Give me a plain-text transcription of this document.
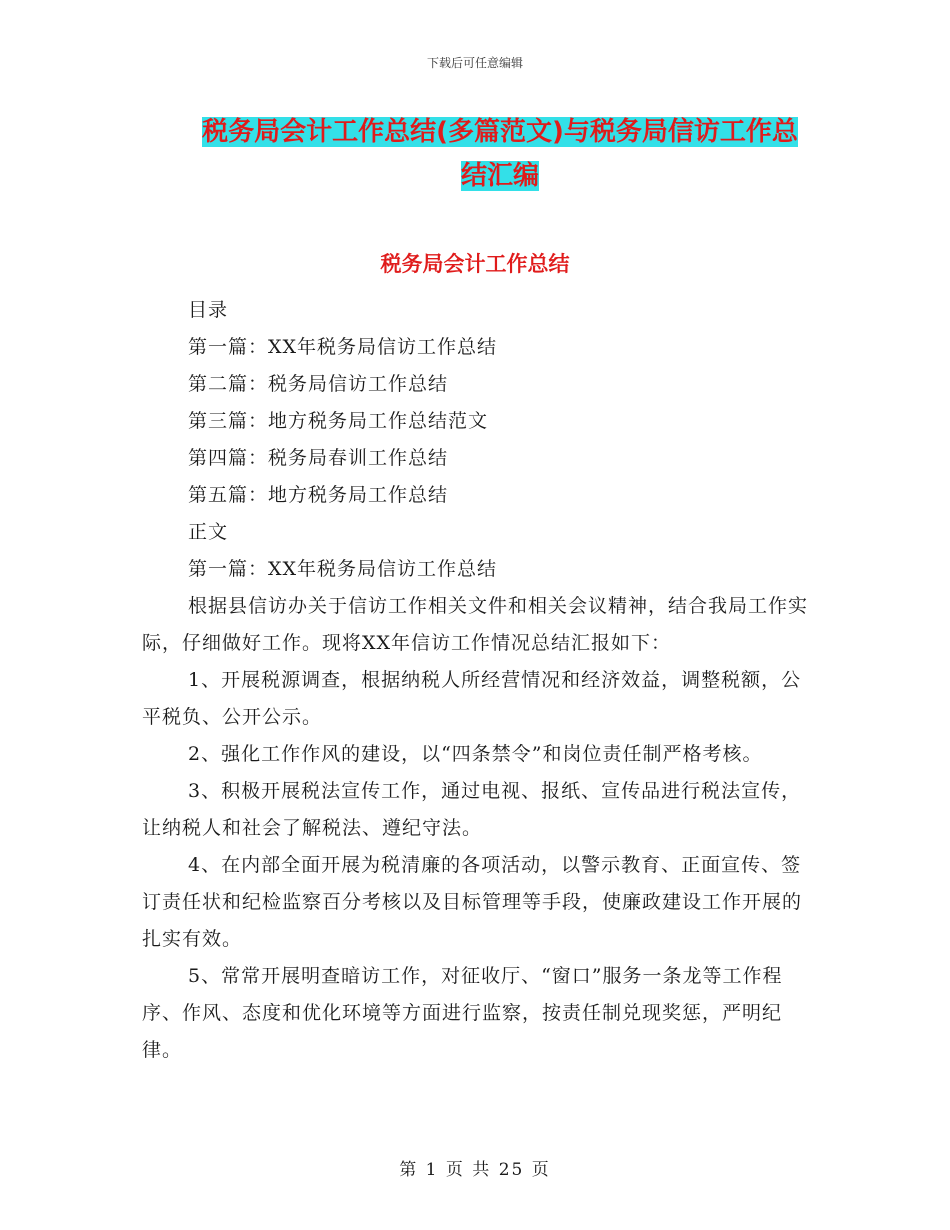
下载后可任意编辑
税务局会计工作总结(多篇范文)与税务局信访工作总
结汇编
税务局会计工作总结

目录

第一篇：XX年税务局信访工作总结

第二篇：税务局信访工作总结

第三篇：地方税务局工作总结范文

第四篇：税务局春训工作总结

第五篇：地方税务局工作总结

正文

第一篇：XX年税务局信访工作总结

根据县信访办关于信访工作相关文件和相关会议精神，结合我局工作实际，仔细做好工作。现将XX年信访工作情况总结汇报如下：

1、开展税源调查，根据纳税人所经营情况和经济效益，调整税额，公平税负、公开公示。

2、强化工作作风的建设，以“四条禁令”和岗位责任制严格考核。

3、积极开展税法宣传工作，通过电视、报纸、宣传品进行税法宣传，让纳税人和社会了解税法、遵纪守法。

4、在内部全面开展为税清廉的各项活动，以警示教育、正面宣传、签订责任状和纪检监察百分考核以及目标管理等手段，使廉政建设工作开展的扎实有效。

5、常常开展明查暗访工作，对征收厅、“窗口”服务一条龙等工作程序、作风、态度和优化环境等方面进行监察，按责任制兑现奖惩，严明纪律。

第 1 页 共 25 页
